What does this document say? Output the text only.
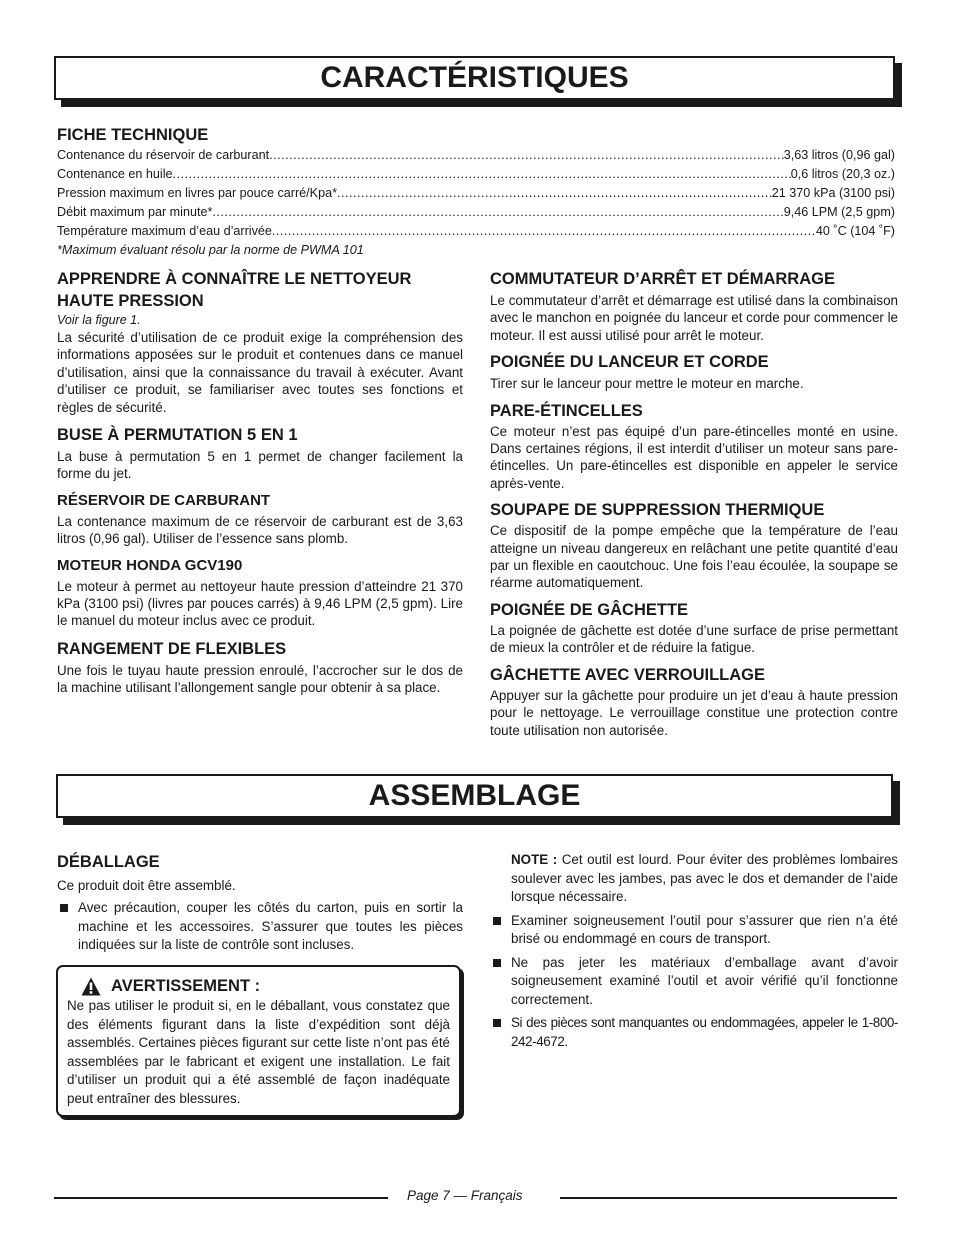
CARACTÉRISTIQUES
FICHE TECHNIQUE
Contenance du réservoir de carburant .....	3,63 litros (0,96 gal)
Contenance en huile .....	0,6 litros (20,3 oz.)
Pression maximum en livres par pouce carré/Kpa* .....	21 370 kPa (3100 psi)
Débit maximum par minute* .....	9,46 LPM (2,5 gpm)
Température maximum d’eau d’arrivée .....	40 ˚C (104 ˚F)
*Maximum évaluant résolu par la norme de PWMA 101
APPRENDRE À CONNAÎTRE LE NETTOYEUR HAUTE PRESSION
Voir la figure 1.

La sécurité d’utilisation de ce produit exige la compréhension des informations apposées sur le produit et contenues dans ce manuel d’utilisation, ainsi que la connaissance du travail à exécuter. Avant d’utiliser ce produit, se familiariser avec toutes ses fonctions et règles de sécurité.

BUSE À PERMUTATION 5 EN 1

La buse à permutation 5 en 1 permet de changer facilement la forme du jet.

RÉSERVOIR DE CARBURANT

La contenance maximum de ce réservoir de carburant est de 3,63 litros (0,96 gal). Utiliser de l’essence sans plomb.

MOTEUR HONDA GCV190

Le moteur à permet au nettoyeur haute pression d’atteindre 21 370 kPa (3100 psi) (livres par pouces carrés) à 9,46 LPM (2,5 gpm). Lire le manuel du moteur inclus avec ce produit.

RANGEMENT DE FLEXIBLES

Une fois le tuyau haute pression enroulé, l’accrocher sur le dos de la machine utilisant l’allongement sangle pour obtenir à sa place.

COMMUTATEUR D’ARRÊT ET DÉMARRAGE

Le commutateur d’arrêt et démarrage est utilisé dans la combinaison avec le manchon en poignée du lanceur et corde pour commencer le moteur. Il est aussi utilisé pour arrêt le moteur.

POIGNÉE DU LANCEUR ET CORDE

Tirer sur le lanceur pour mettre le moteur en marche.

PARE-ÉTINCELLES

Ce moteur n’est pas équipé d’un pare-étincelles monté en usine. Dans certaines régions, il est interdit d’utiliser un moteur sans pare-étincelles. Un pare-étincelles est disponible en appeler le service après-vente.

SOUPAPE DE SUPPRESSION THERMIQUE

Ce dispositif de la pompe empêche que la température de l’eau atteigne un niveau dangereux en relâchant une petite quantité d’eau par un flexible en caoutchouc. Une fois l’eau écoulée, la soupape se réarme automatiquement.

POIGNÉE DE GÂCHETTE

La poignée de gâchette est dotée d’une surface de prise permettant de mieux la contrôler et de réduire la fatigue.

GÂCHETTE AVEC VERROUILLAGE

Appuyer sur la gâchette pour produire un jet d’eau à haute pression pour le nettoyage. Le verrouillage constitue une protection contre toute utilisation non autorisée.

ASSEMBLAGE
DÉBALLAGE

Ce produit doit être assemblé.

Avec précaution, couper les côtés du carton, puis en sortir la machine et les accessoires. S’assurer que toutes les pièces indiquées sur la liste de contrôle sont incluses.
AVERTISSEMENT :

Ne pas utiliser le produit si, en le déballant, vous constatez que des éléments figurant dans la liste d’expédition sont déjà assemblés. Certaines pièces figurant sur cette liste n’ont pas été assemblées par le fabricant et exigent une installation. Le fait d’utiliser un produit qui a été assemblé de façon inadéquate peut entraîner des blessures.

NOTE : Cet outil est lourd. Pour éviter des problèmes lombaires soulever avec les jambes, pas avec le dos et demander de l’aide lorsque nécessaire.

Examiner soigneusement l’outil pour s’assurer que rien n’a été brisé ou endommagé en cours de transport.
Ne pas jeter les matériaux d’emballage avant d’avoir soigneusement examiné l’outil et avoir vérifié qu’il fonctionne correctement.
Si des pièces sont manquantes ou endommagées, appeler le 1-800-242-4672.
Page 7 — Français
